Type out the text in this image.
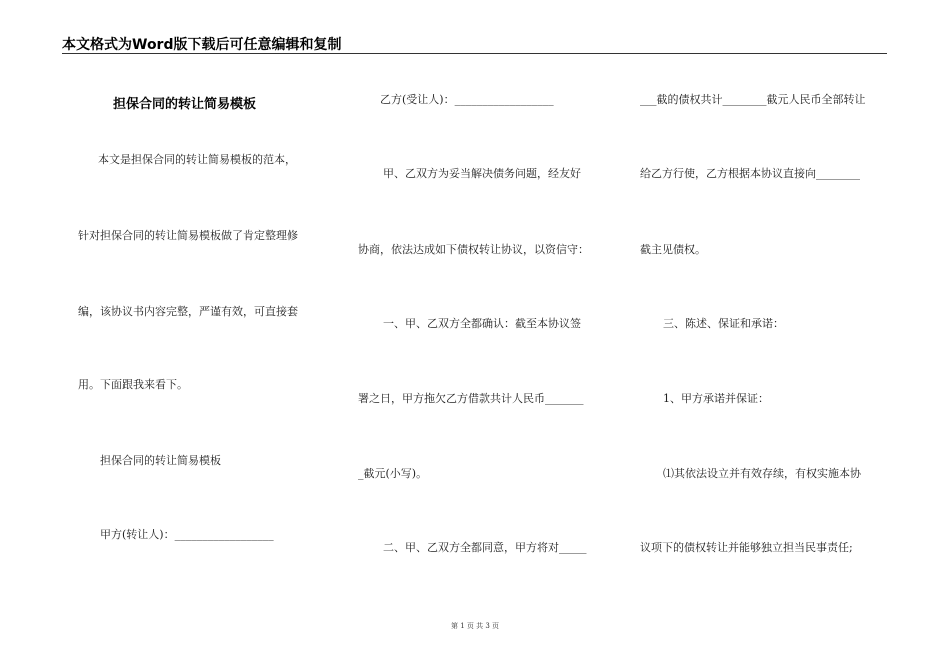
本文格式为Word版下载后可任意编辑和复制
担保合同的转让简易模板
本文是担保合同的转让简易模板的范本，
针对担保合同的转让简易模板做了肯定整理修
编，该协议书内容完整，严谨有效，可直接套
用。下面跟我来看下。
担保合同的转让简易模板
甲方(转让人)：__________________
乙方(受让人)：__________________
甲、乙双方为妥当解决债务问题，经友好
协商，依法达成如下债权转让协议，以资信守：
一、甲、乙双方全都确认：截至本协议签
署之日，甲方拖欠乙方借款共计人民币_______
_截元(小写)。
二、甲、乙双方全都同意，甲方将对_____
___截的债权共计________截元人民币全部转让
给乙方行使，乙方根据本协议直接向________
截主见债权。
三、陈述、保证和承诺：
1、甲方承诺并保证：
⑴其依法设立并有效存续，有权实施本协
议项下的债权转让并能够独立担当民事责任;
第 1 页 共 3 页
